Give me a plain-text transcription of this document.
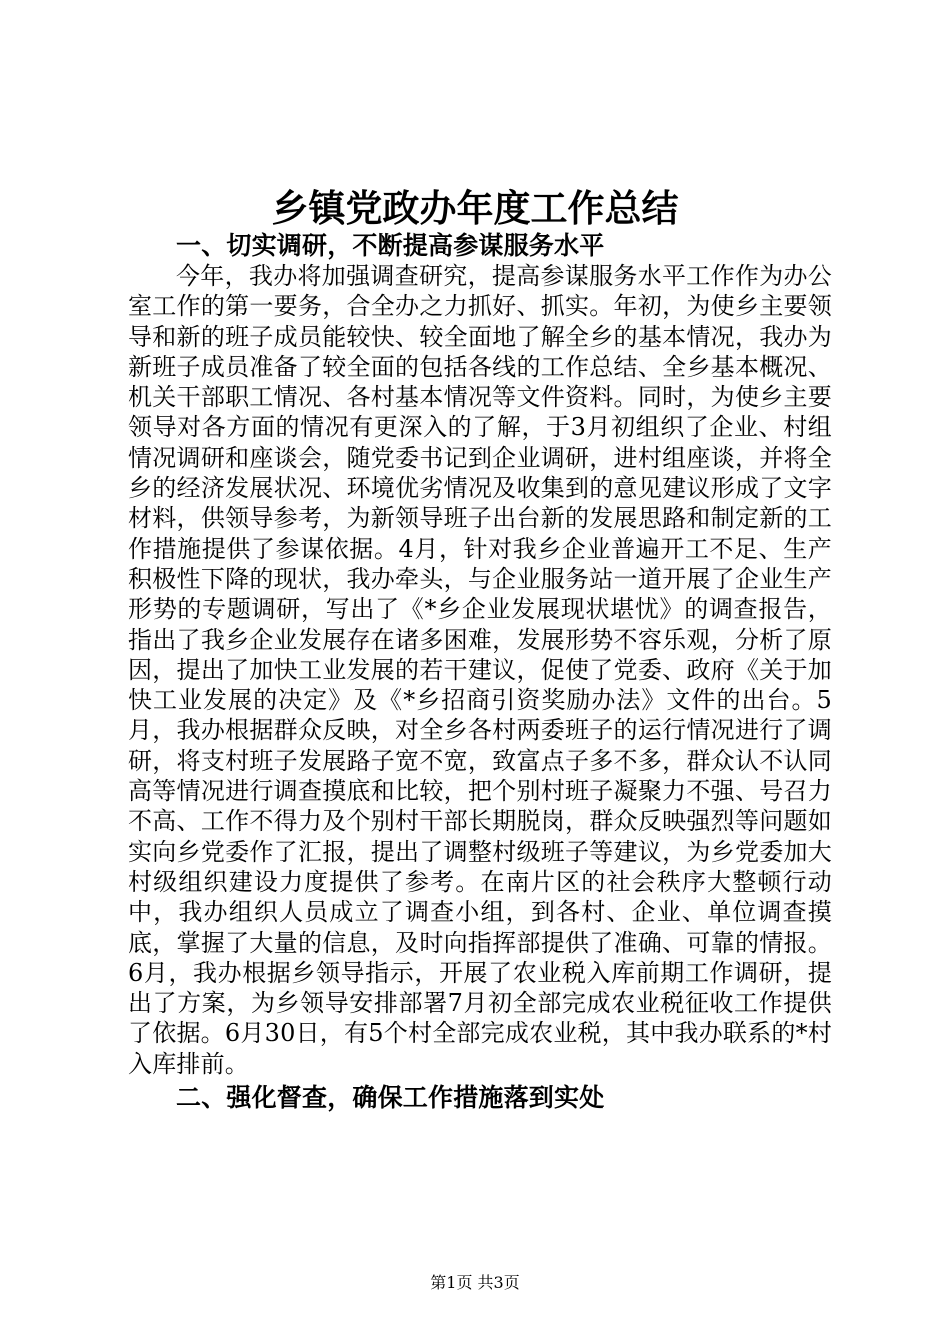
乡镇党政办年度工作总结
一、切实调研，不断提高参谋服务水平

今年，我办将加强调查研究，提高参谋服务水平工作作为办公室工作的第一要务，合全办之力抓好、抓实。年初，为使乡主要领导和新的班子成员能较快、较全面地了解全乡的基本情况，我办为新班子成员准备了较全面的包括各线的工作总结、全乡基本概况、机关干部职工情况、各村基本情况等文件资料。同时，为使乡主要领导对各方面的情况有更深入的了解，于3月初组织了企业、村组情况调研和座谈会，随党委书记到企业调研，进村组座谈，并将全乡的经济发展状况、环境优劣情况及收集到的意见建议形成了文字材料，供领导参考，为新领导班子出台新的发展思路和制定新的工作措施提供了参谋依据。4月，针对我乡企业普遍开工不足、生产积极性下降的现状，我办牵头，与企业服务站一道开展了企业生产形势的专题调研，写出了《*乡企业发展现状堪忧》的调查报告，指出了我乡企业发展存在诸多困难，发展形势不容乐观，分析了原因，提出了加快工业发展的若干建议，促使了党委、政府《关于加快工业发展的决定》及《*乡招商引资奖励办法》文件的出台。5月，我办根据群众反映，对全乡各村两委班子的运行情况进行了调研，将支村班子发展路子宽不宽，致富点子多不多，群众认不认同高等情况进行调查摸底和比较，把个别村班子凝聚力不强、号召力不高、工作不得力及个别村干部长期脱岗，群众反映强烈等问题如实向乡党委作了汇报，提出了调整村级班子等建议，为乡党委加大村级组织建设力度提供了参考。在南片区的社会秩序大整顿行动中，我办组织人员成立了调查小组，到各村、企业、单位调查摸底，掌握了大量的信息，及时向指挥部提供了准确、可靠的情报。6月，我办根据乡领导指示，开展了农业税入库前期工作调研，提出了方案，为乡领导安排部署7月初全部完成农业税征收工作提供了依据。6月30日，有5个村全部完成农业税，其中我办联系的*村入库排前。

二、强化督查，确保工作措施落到实处
第1页 共3页
